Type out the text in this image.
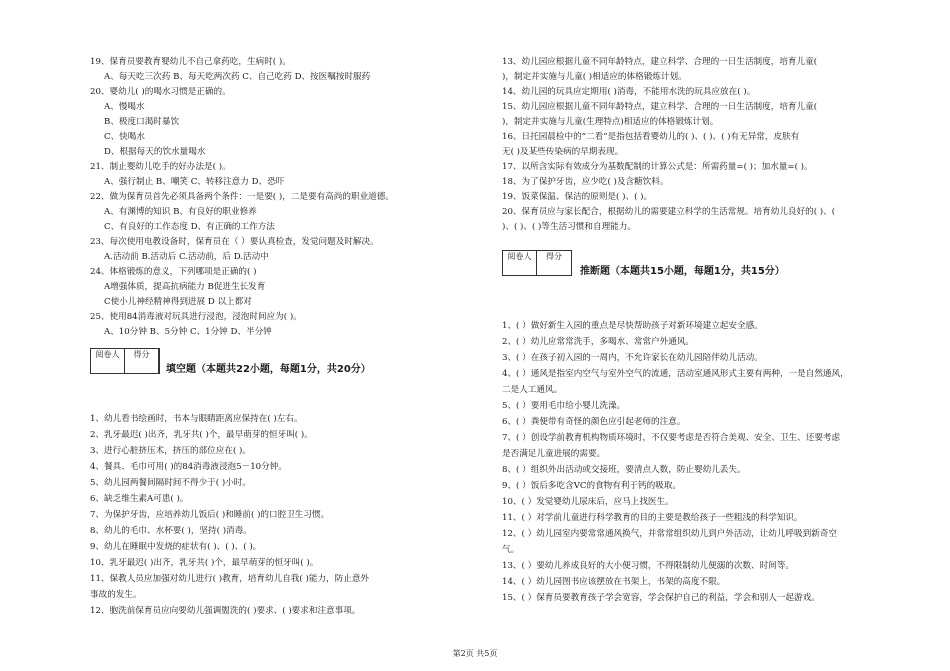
19、保育员要教育婴幼儿不自己拿药吃，生病时( )。
A、每天吃三次药 B、每天吃两次药 C、自己吃药 D、按医嘱按时服药
20、婴幼儿( )的喝水习惯是正确的。
A、慢喝水
B、极度口渴时暴饮
C、快喝水
D、根据每天的饮水量喝水
21、制止婴幼儿吃手的好办法是( )。
A、强行制止 B、嘲笑 C、转移注意力 D、恐吓
22、做为保育员首先必须具备两个条件：一是要( )，二是要有高尚的职业道德。
A、有渊博的知识 B、有良好的职业修养
C、有良好的工作态度 D、有正确的工作方法
23、每次使用电教设备时，保育员在（ ）要认真检查，发觉问题及时解决。
A.活动前 B.活动后 C.活动前，后 D.活动中
24、体格锻炼的意义，下列哪项是正确的( )
A增强体质，提高抗病能力 B促进生长发育
C使小儿神经精神得到进展 D 以上都对
25、使用84消毒液对玩具进行浸泡，浸泡时间应为( )。
A、10分钟 B、5分钟 C、1分钟 D、半分钟
阅卷人	得分
填空题（本题共22小题，每题1分，共20分）
1、幼儿看书绘画时，书本与眼睛距离应保持在( )左右。
2、乳牙最迟( )出齐，乳牙共( )个，最早萌芽的恒牙叫( )。
3、进行心脏挤压术，挤压的部位应在( )。
4、餐具、毛巾可用( )的84消毒液浸泡5－10分钟。
5、幼儿园两餐间隔时间不得少于( )小时。
6、缺乏维生素A可患( )。
7、为保护牙齿，应培养幼儿饭后( )和睡前( )的口腔卫生习惯。
8、幼儿的毛巾、水杯要( )，坚持( )消毒。
9、幼儿在睡眠中发烧的症状有( )、( )、( )。
10、乳牙最迟( )出齐，乳牙共( )个，最早萌芽的恒牙叫( )。
11、保教人员应加强对幼儿进行( )教育，培育幼儿自我( )能力，防止意外
事故的发生。
12、胞洗前保育员应向要幼儿强调盥洗的( )要求、( )要求和注意事项。
13、幼儿园应根据儿童不同年龄特点，建立科学、合理的一日生活制度，培育儿童(
)，制定并实施与儿童( )相适应的体格锻炼计划。
14、幼儿园的玩具应定期用( )消毒，不能用水洗的玩具应放在( )。
15、幼儿园应根据儿童不同年龄特点，建立科学、合理的一日生活制度，培育儿童(
)，制定并实施与儿童(生理特点)相适应的体格锻炼计划。
16、日托园晨检中的“二看”是指包括看婴幼儿的( )、( )、( )有无异常，皮肤有
无( )及某些传染病的早期表现。
17、以所含实际有效成分为基数配制的计算公式是：所需药量=( )；加水量=( )。
18、为了保护牙齿，应少吃( )及含糖饮料。
19、饭菜保温、保洁的原则是( )、( )。
20、保育员应与家长配合，根据幼儿的需要建立科学的生活常规。培育幼儿良好的( )、(
)、( )、( )等生活习惯和自理能力。
阅卷人	得分
推断题（本题共15小题，每题1分，共15分）
1、( ）做好新生入园的重点是尽快帮助孩子对新环境建立起安全感。
2、( ）幼儿应常常洗手，多喝水、常常户外通风。
3、( ）在孩子初入园的一周内，不允许家长在幼儿园陪伴幼儿活动。
4、( ）通风是指室内空气与室外空气的流通，活动室通风形式主要有两种，一是自然通风，
二是人工通风。
5、( ）要用毛巾给小婴儿洗澡。
6、( ）粪便带有奇怪的颜色应引起老师的注意。
7、( ）创设学前教育机构物质环境时，不仅要考虑是否符合美观、安全、卫生、还要考虑
是否满足儿童进展的需要。
8、( ）组织外出活动或交接班，要清点人数，防止婴幼儿丢失。
9、( ）饭后多吃含VC的食物有利于钙的吸取。
10、( ）发觉婴幼儿尿床后，应马上找医生。
11、( ）对学前儿童进行科学教育的目的主要是教给孩子一些粗浅的科学知识。
12、( ）幼儿园室内要常常通风换气，并常常组织幼儿到户外活动，让幼儿呼吸到新奇空
气。
13、( ）要幼儿养成良好的大小便习惯，不得限制幼儿便溺的次数、时间等。
14、( ）幼儿园图书应该摆放在书架上，书架的高度不限。
15、( ）保育员要教育孩子学会宽容，学会保护自己的利益，学会和别人一起游戏。
第2页 共5页
